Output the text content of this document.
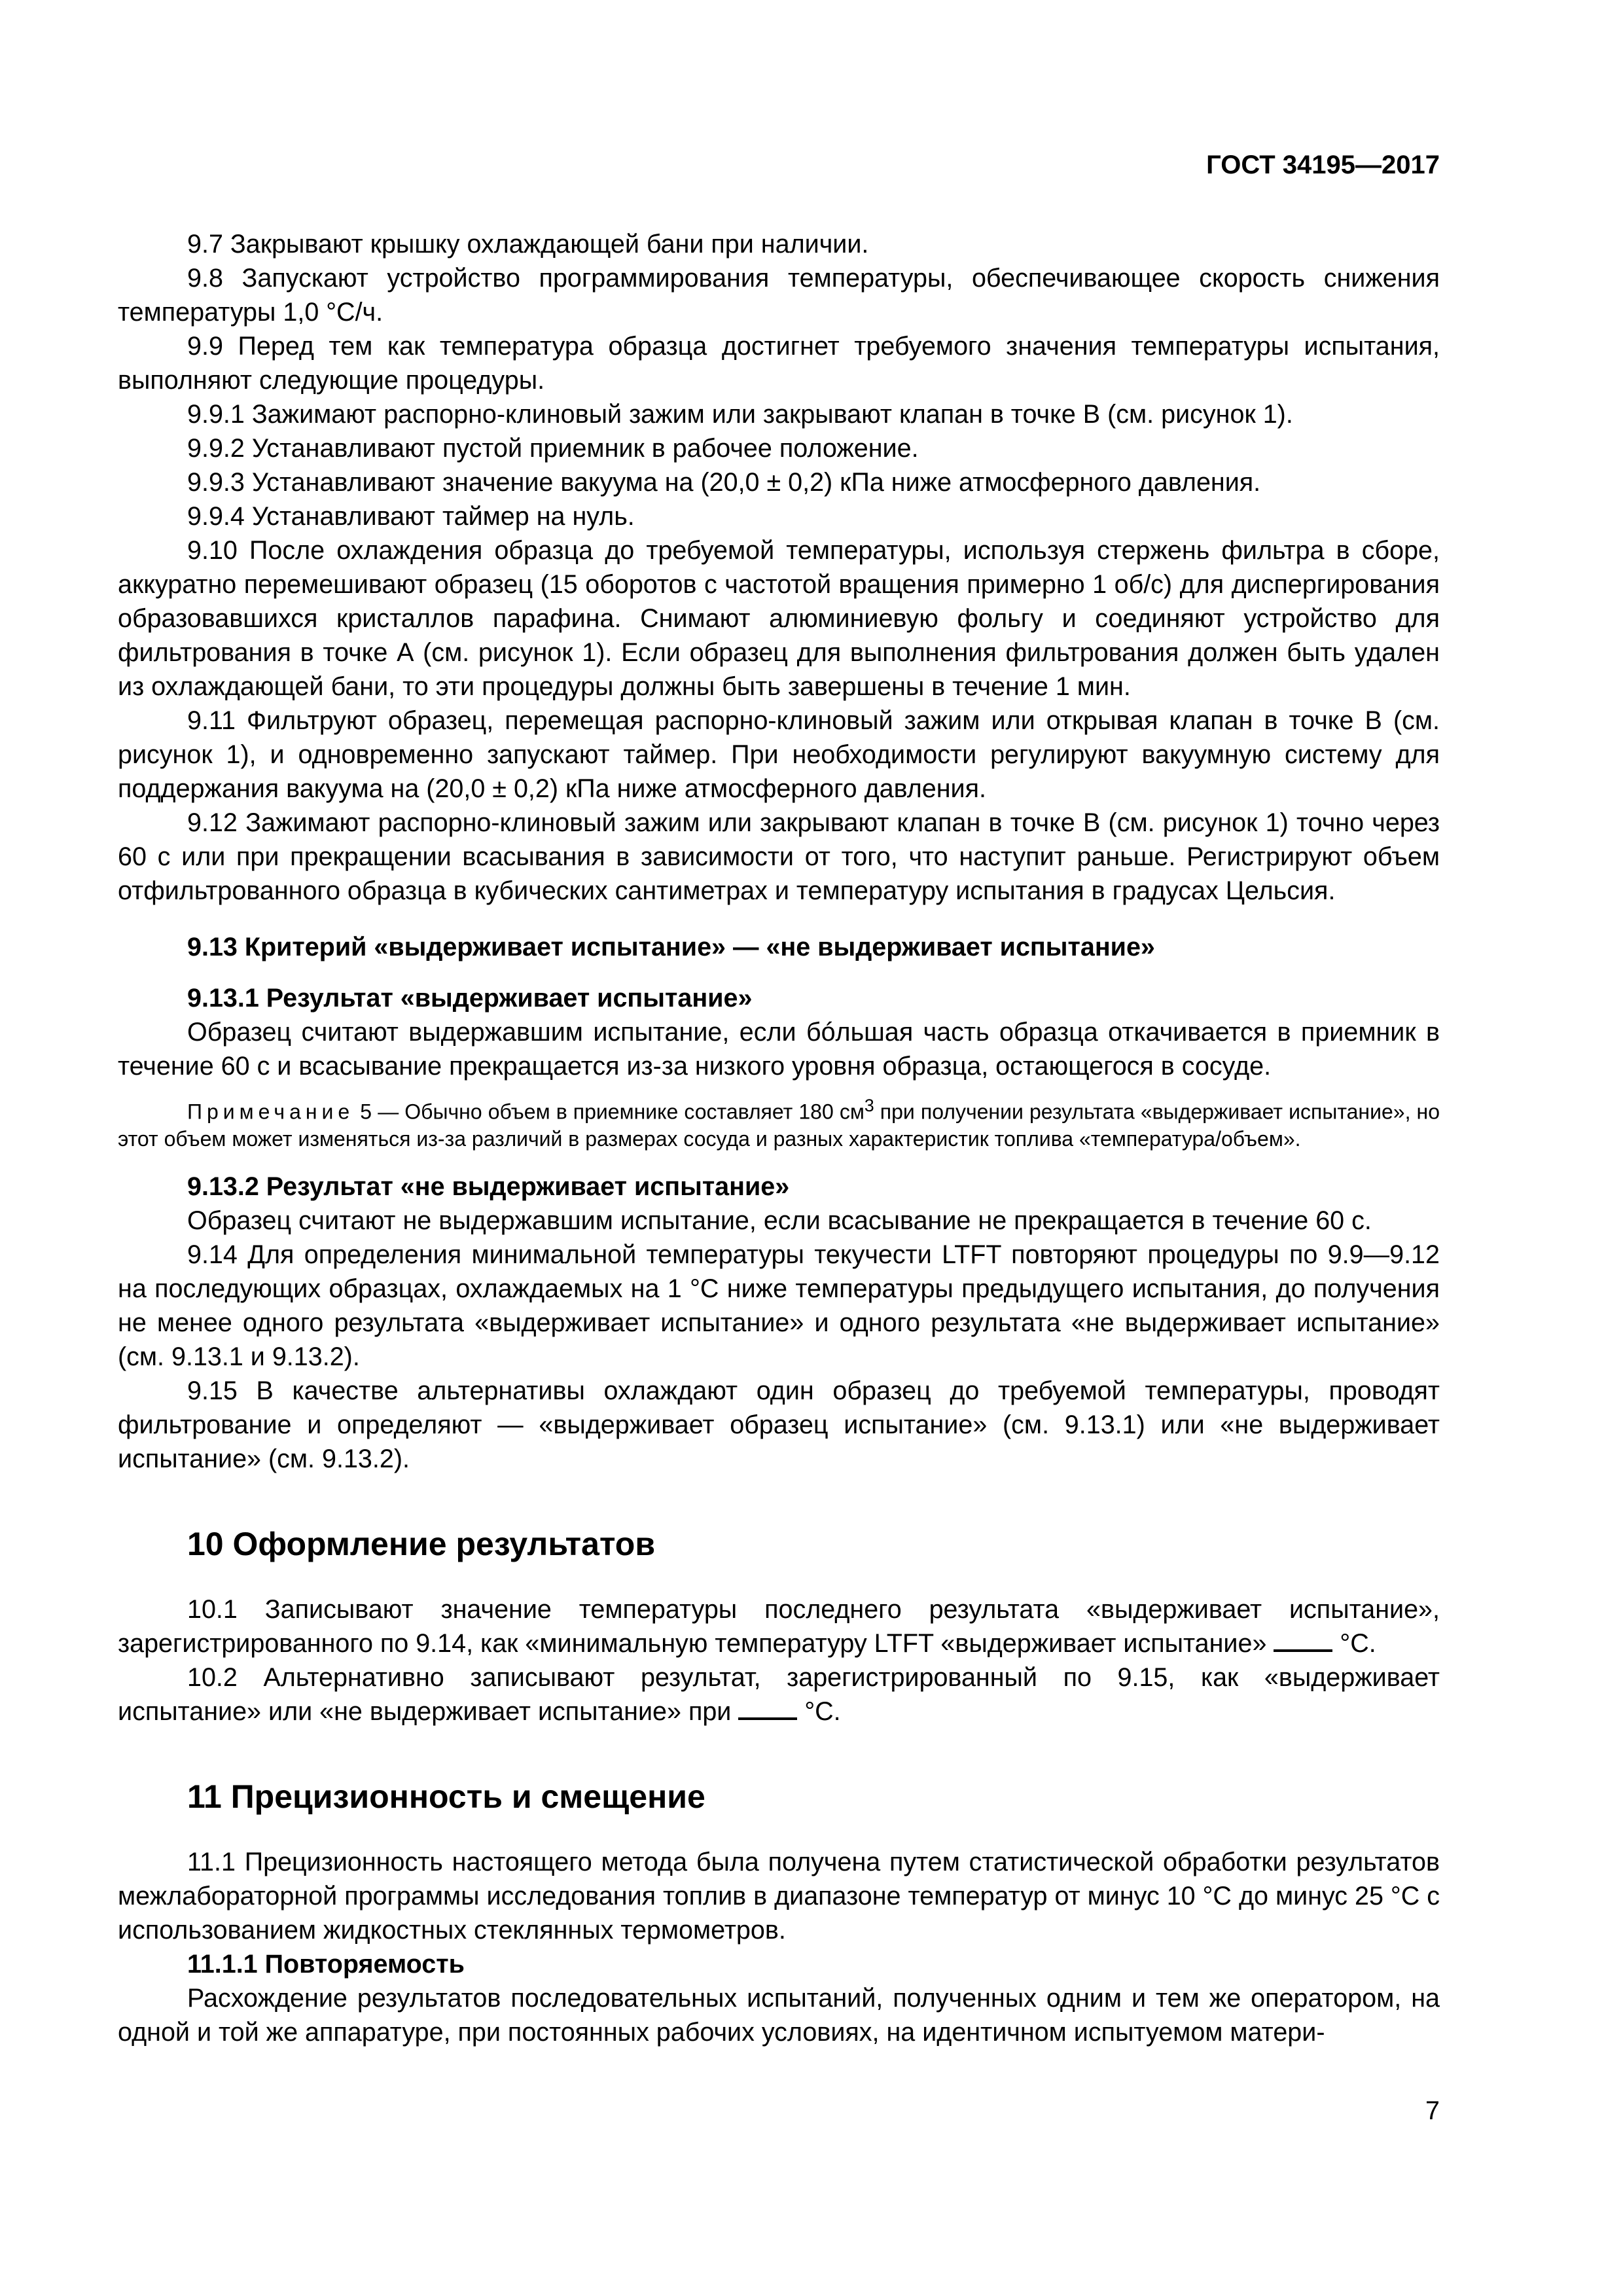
ГОСТ 34195—2017

9.7 Закрывают крышку охлаждающей бани при наличии.

9.8 Запускают устройство программирования температуры, обеспечивающее скорость снижения температуры 1,0 °С/ч.

9.9 Перед тем как температура образца достигнет требуемого значения температуры испытания, выполняют следующие процедуры.

9.9.1 Зажимают распорно-клиновый зажим или закрывают клапан в точке В (см. рисунок 1).

9.9.2 Устанавливают пустой приемник в рабочее положение.

9.9.3 Устанавливают значение вакуума на (20,0 ± 0,2) кПа ниже атмосферного давления.

9.9.4 Устанавливают таймер на нуль.

9.10 После охлаждения образца до требуемой температуры, используя стержень фильтра в сборе, аккуратно перемешивают образец (15 оборотов с частотой вращения примерно 1 об/с) для диспергирования образовавшихся кристаллов парафина. Снимают алюминиевую фольгу и соединяют устройство для фильтрования в точке А (см. рисунок 1). Если образец для выполнения фильтрования должен быть удален из охлаждающей бани, то эти процедуры должны быть завершены в течение 1 мин.

9.11 Фильтруют образец, перемещая распорно-клиновый зажим или открывая клапан в точке В (см. рисунок 1), и одновременно запускают таймер. При необходимости регулируют вакуумную систему для поддержания вакуума на (20,0 ± 0,2) кПа ниже атмосферного давления.

9.12 Зажимают распорно-клиновый зажим или закрывают клапан в точке В (см. рисунок 1) точно через 60 с или при прекращении всасывания в зависимости от того, что наступит раньше. Регистрируют объем отфильтрованного образца в кубических сантиметрах и температуру испытания в градусах Цельсия.

9.13 Критерий «выдерживает испытание» — «не выдерживает испытание»
9.13.1 Результат «выдерживает испытание»

Образец считают выдержавшим испытание, если бóльшая часть образца откачивается в приемник в течение 60 с и всасывание прекращается из-за низкого уровня образца, остающегося в сосуде.

Примечание 5 — Обычно объем в приемнике составляет 180 $см^3$ при получении результата «выдерживает испытание», но этот объем может изменяться из-за различий в размерах сосуда и разных характеристик топлива «температура/объем».

9.13.2 Результат «не выдерживает испытание»

Образец считают не выдержавшим испытание, если всасывание не прекращается в течение 60 с.

9.14 Для определения минимальной температуры текучести LTFT повторяют процедуры по 9.9—9.12 на последующих образцах, охлаждаемых на 1 °С ниже температуры предыдущего испытания, до получения не менее одного результата «выдерживает испытание» и одного результата «не выдерживает испытание» (см. 9.13.1 и 9.13.2).

9.15 В качестве альтернативы охлаждают один образец до требуемой температуры, проводят фильтрование и определяют — «выдерживает образец испытание» (см. 9.13.1) или «не выдерживает испытание» (см. 9.13.2).

10 Оформление результатов

10.1 Записывают значение температуры последнего результата «выдерживает испытание», зарегистрированного по 9.14, как «минимальную температуру LTFT «выдерживает испытание»  °С.

10.2 Альтернативно записывают результат, зарегистрированный по 9.15, как «выдерживает испытание» или «не выдерживает испытание» при  °С.

11 Прецизионность и смещение

11.1 Прецизионность настоящего метода была получена путем статистической обработки результатов межлабораторной программы исследования топлив в диапазоне температур от минус 10 °С до минус 25 °С с использованием жидкостных стеклянных термометров.

11.1.1 Повторяемость

Расхождение результатов последовательных испытаний, полученных одним и тем же оператором, на одной и той же аппаратуре, при постоянных рабочих условиях, на идентичном испытуемом матери-

7
